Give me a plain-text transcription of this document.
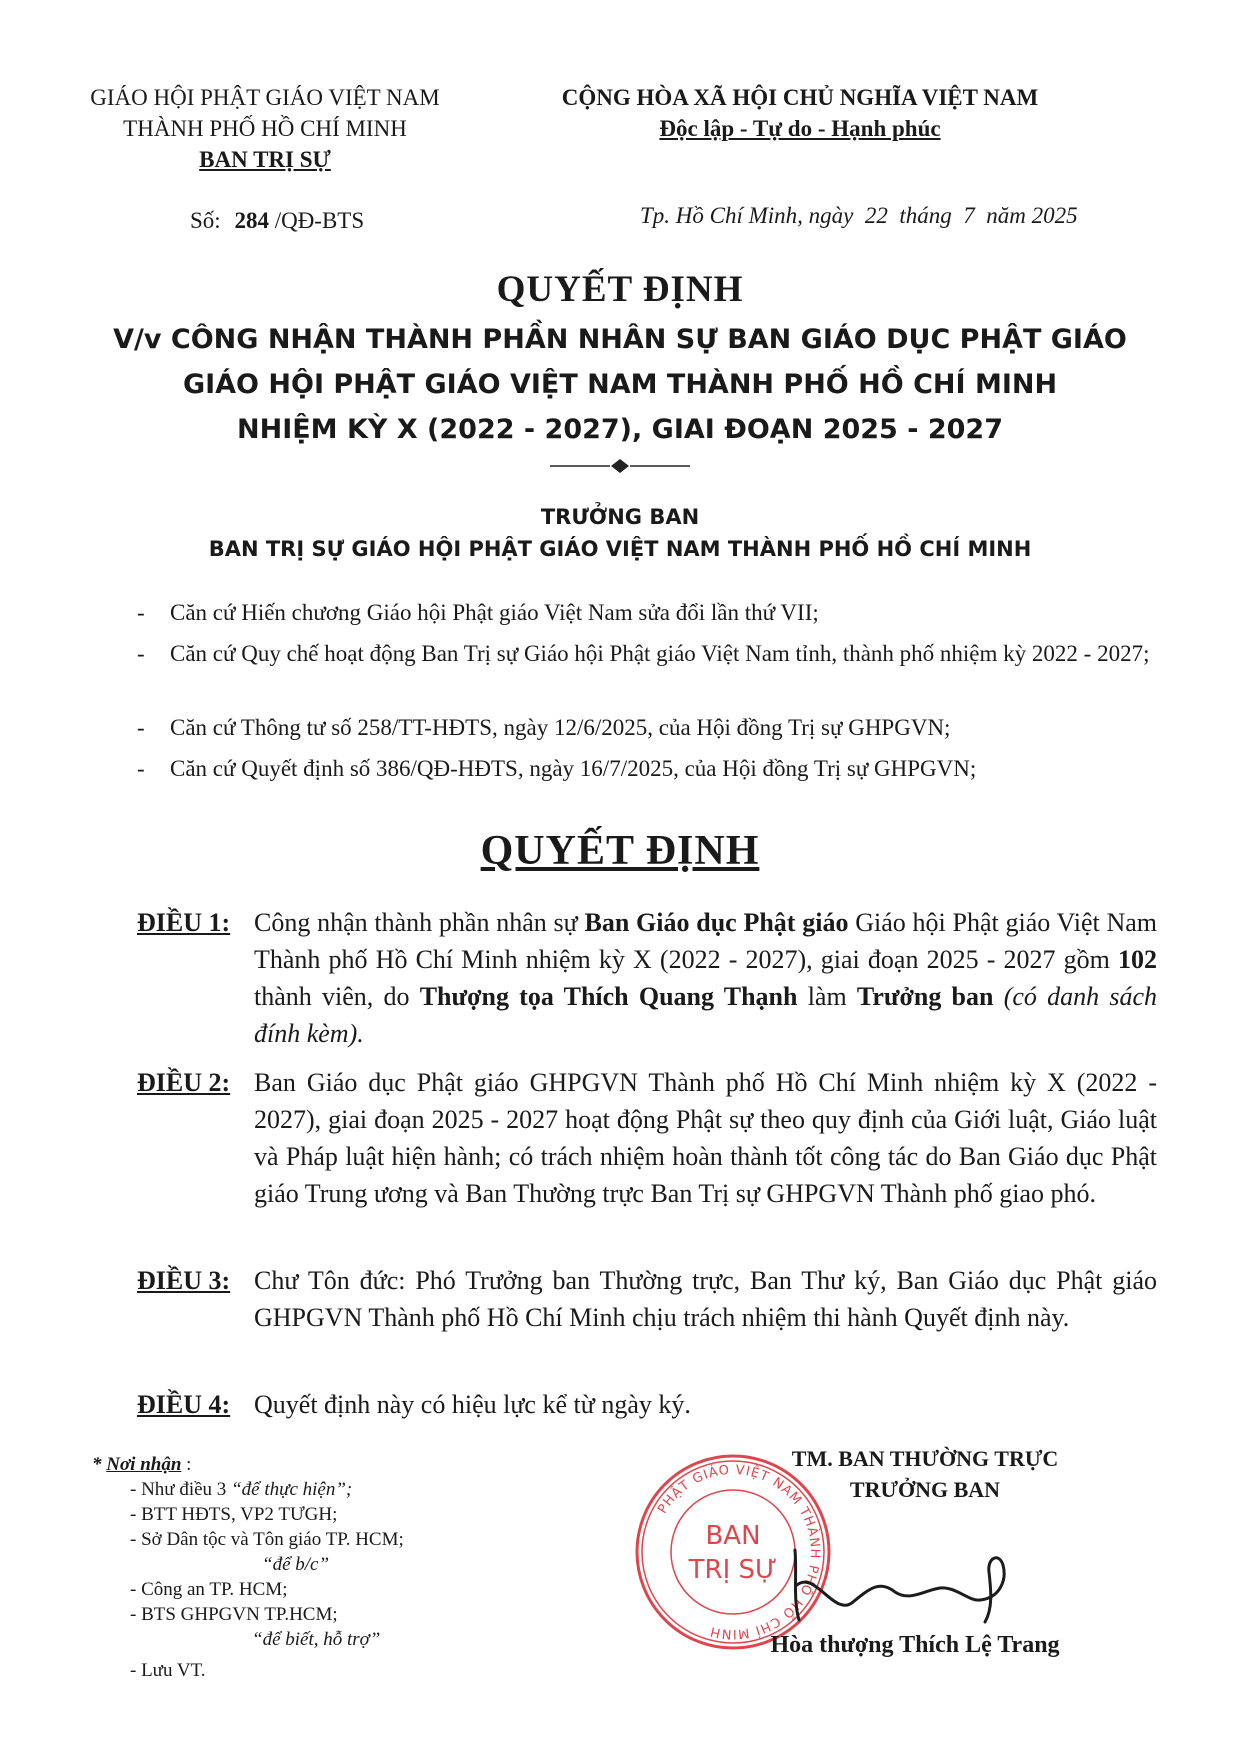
GIÁO HỘI PHẬT GIÁO VIỆT NAM
THÀNH PHỐ HỒ CHÍ MINH
BAN TRỊ SỰ
CỘNG HÒA XÃ HỘI CHỦ NGHĨA VIỆT NAM
Độc lập - Tự do - Hạnh phúc
Số: 284 /QĐ-BTS	Tp. Hồ Chí Minh, ngày  22  tháng  7  năm 2025
QUYẾT ĐỊNH
V/v CÔNG NHẬN THÀNH PHẦN NHÂN SỰ BAN GIÁO DỤC PHẬT GIÁO
GIÁO HỘI PHẬT GIÁO VIỆT NAM THÀNH PHỐ HỒ CHÍ MINH
NHIỆM KỲ X (2022 - 2027), GIAI ĐOẠN 2025 - 2027
TRƯỞNG BAN
BAN TRỊ SỰ GIÁO HỘI PHẬT GIÁO VIỆT NAM THÀNH PHỐ HỒ CHÍ MINH
- Căn cứ Hiến chương Giáo hội Phật giáo Việt Nam sửa đổi lần thứ VII;
- Căn cứ Quy chế hoạt động Ban Trị sự Giáo hội Phật giáo Việt Nam tỉnh, thành phố nhiệm kỳ 2022 - 2027;
- Căn cứ Thông tư số 258/TT-HĐTS, ngày 12/6/2025, của Hội đồng Trị sự GHPGVN;
- Căn cứ Quyết định số 386/QĐ-HĐTS, ngày 16/7/2025, của Hội đồng Trị sự GHPGVN;
QUYẾT ĐỊNH
ĐIỀU 1: Công nhận thành phần nhân sự Ban Giáo dục Phật giáo Giáo hội Phật giáo Việt Nam Thành phố Hồ Chí Minh nhiệm kỳ X (2022 - 2027), giai đoạn 2025 - 2027 gồm 102 thành viên, do Thượng tọa Thích Quang Thạnh làm Trưởng ban (có danh sách đính kèm).
ĐIỀU 2: Ban Giáo dục Phật giáo GHPGVN Thành phố Hồ Chí Minh nhiệm kỳ X (2022 - 2027), giai đoạn 2025 - 2027 hoạt động Phật sự theo quy định của Giới luật, Giáo luật và Pháp luật hiện hành; có trách nhiệm hoàn thành tốt công tác do Ban Giáo dục Phật giáo Trung ương và Ban Thường trực Ban Trị sự GHPGVN Thành phố giao phó.
ĐIỀU 3: Chư Tôn đức: Phó Trưởng ban Thường trực, Ban Thư ký, Ban Giáo dục Phật giáo GHPGVN Thành phố Hồ Chí Minh chịu trách nhiệm thi hành Quyết định này.
ĐIỀU 4: Quyết định này có hiệu lực kể từ ngày ký.
* Nơi nhận :
- Như điều 3 “để thực hiện”;
- BTT HĐTS, VP2 TƯGH;
- Sở Dân tộc và Tôn giáo TP. HCM;
“để b/c”
- Công an TP. HCM;
- BTS GHPGVN TP.HCM;
“để biết, hỗ trợ”
- Lưu VT.
TM. BAN THƯỜNG TRỰC
TRƯỞNG BAN
PHẬT GIÁO VIỆT NAM THÀNH PHỐ HỒ CHÍ MINH
BAN
TRỊ SỰ
Hòa thượng Thích Lệ Trang
